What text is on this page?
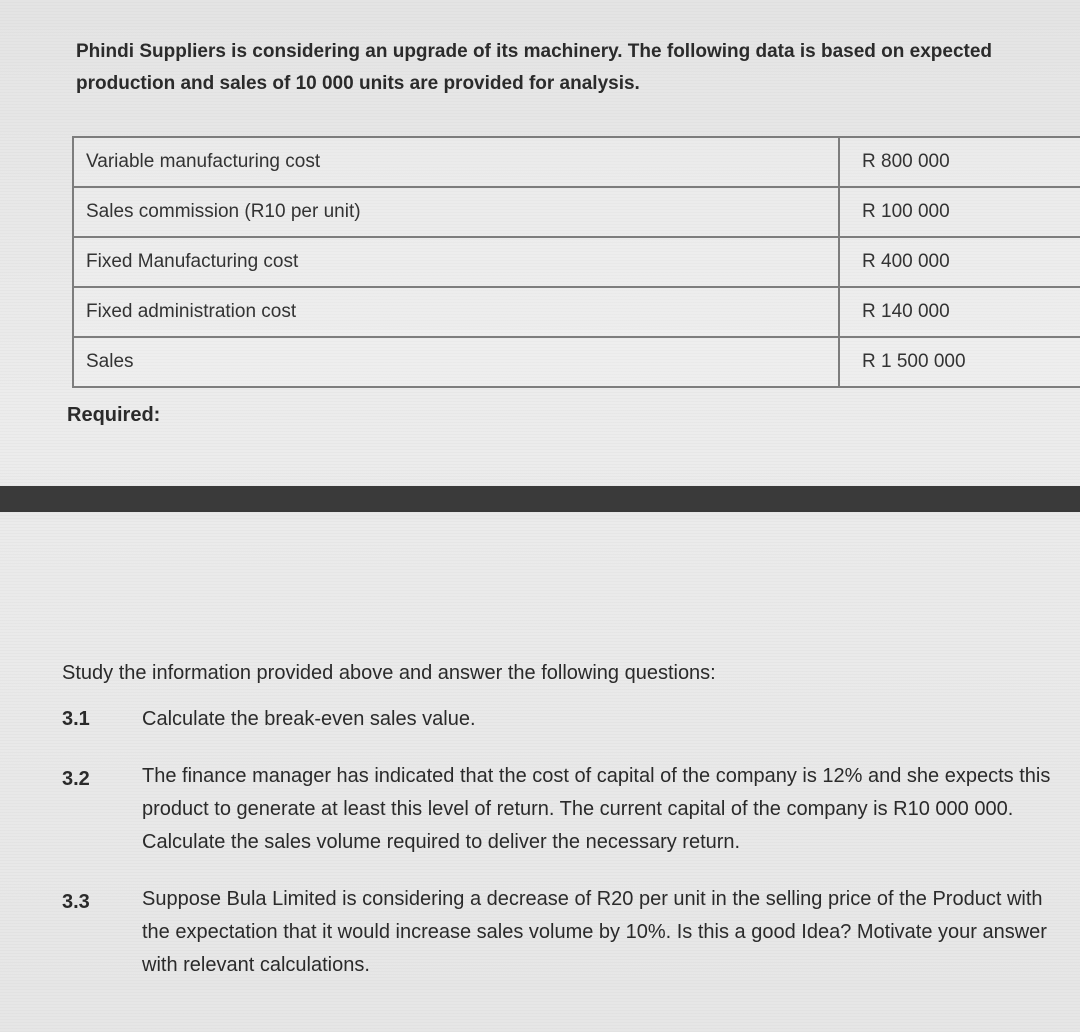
Phindi Suppliers is considering an upgrade of its machinery. The following data is based on expected production and sales of 10 000 units are provided for analysis.

Variable manufacturing cost	R 800 000
Sales commission (R10 per unit)	R 100 000
Fixed Manufacturing cost	R 400 000
Fixed administration cost	R 140 000
Sales	R 1 500 000

Required:

Study the information provided above and answer the following questions:

3.1	Calculate the break-even sales value.
3.2	The finance manager has indicated that the cost of capital of the company is 12% and she expects this product to generate at least this level of return. The current capital of the company is R10 000 000. Calculate the sales volume required to deliver the necessary return.
3.3	Suppose Bula Limited is considering a decrease of R20 per unit in the selling price of the Product with the expectation that it would increase sales volume by 10%. Is this a good Idea? Motivate your answer with relevant calculations.
